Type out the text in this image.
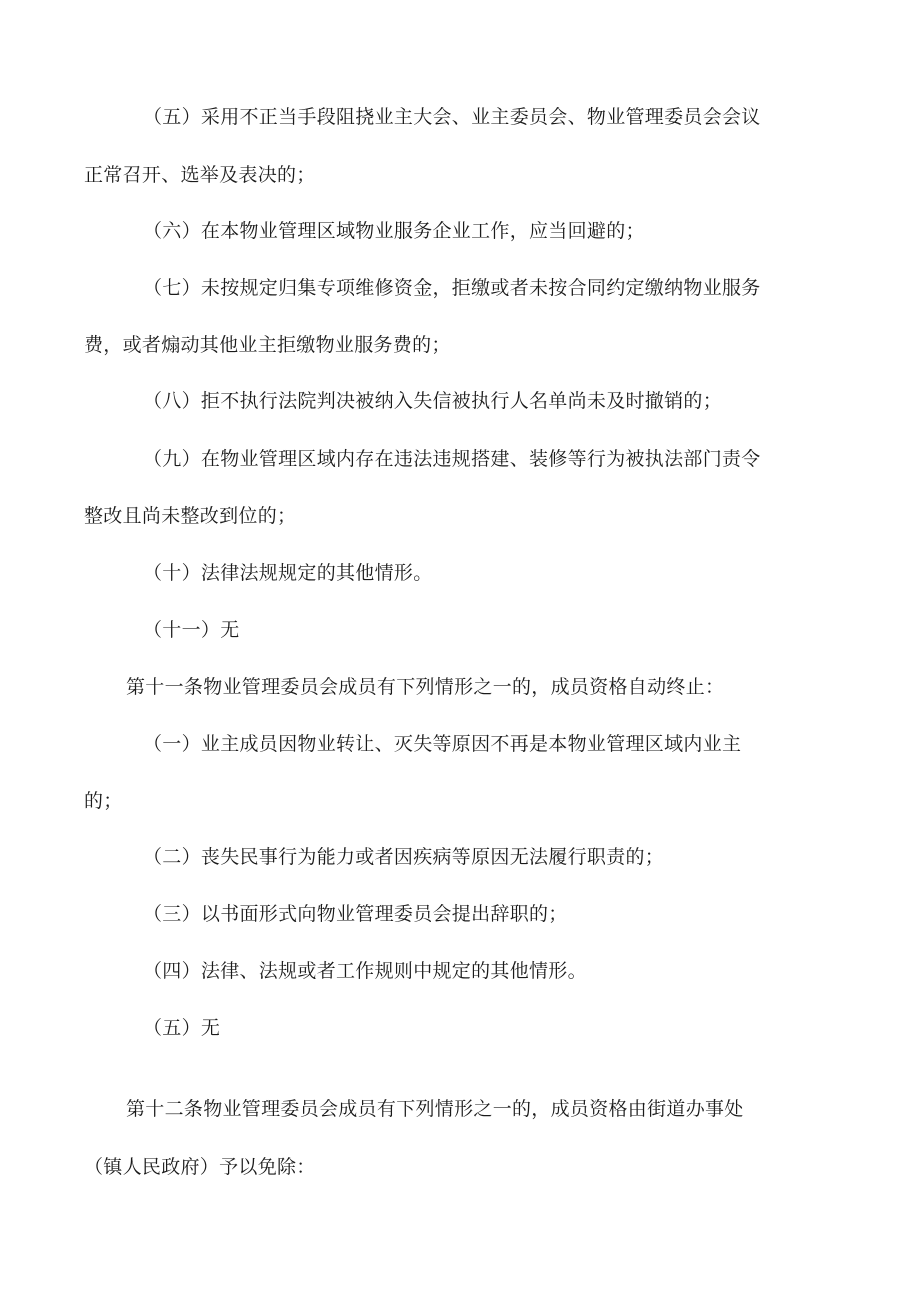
（五）采用不正当手段阻挠业主大会、业主委员会、物业管理委员会会议
正常召开、选举及表决的；
（六）在本物业管理区域物业服务企业工作，应当回避的；
（七）未按规定归集专项维修资金，拒缴或者未按合同约定缴纳物业服务
费，或者煽动其他业主拒缴物业服务费的；
（八）拒不执行法院判决被纳入失信被执行人名单尚未及时撤销的；
（九）在物业管理区域内存在违法违规搭建、装修等行为被执法部门责令
整改且尚未整改到位的；
（十）法律法规规定的其他情形。
（十一）无
第十一条物业管理委员会成员有下列情形之一的，成员资格自动终止：
（一）业主成员因物业转让、灭失等原因不再是本物业管理区域内业主
的；
（二）丧失民事行为能力或者因疾病等原因无法履行职责的；
（三）以书面形式向物业管理委员会提出辞职的；
（四）法律、法规或者工作规则中规定的其他情形。
（五）无
第十二条物业管理委员会成员有下列情形之一的，成员资格由街道办事处
（镇人民政府）予以免除：
